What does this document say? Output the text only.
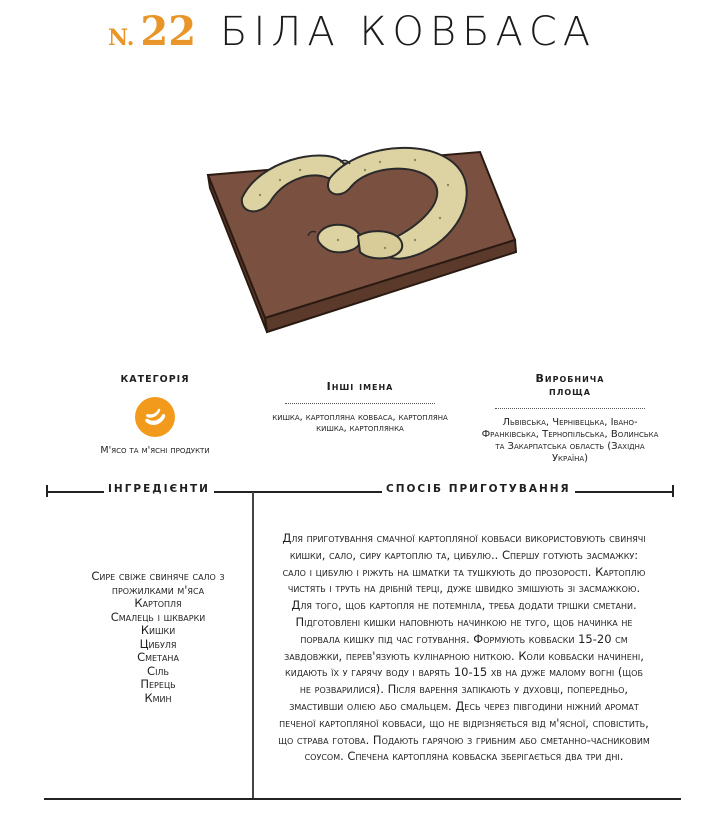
N. 22 БІЛА КОВБАСА
КАТЕГОРІЯ
М'ясо та м'ясні продукти
Інші імена
кишка, картопляна ковбаса, картопляна кишка, картоплянка
Виробнича площа
Львівська, Чернівецька, Івано-Франківська, Тернопільська, Волинська та Закарпатська область (Західна Україна)
ІНГРЕДІЄНТИ	СПОСІБ ПРИГОТУВАННЯ
Сире свіже свиняче сало з прожилками м'яса
Картопля
Смалець і шкварки
Кишки
Цибуля
Сметана
Сіль
Перець
Кмин
Для приготування смачної картопляної ковбаси використовують свинячі кишки, сало, сиру картоплю та, цибулю.. Спершу готують засмажку: сало і цибулю і ріжуть на шматки та тушкують до прозорості. Картоплю чистять і труть на дрібній терці, дуже швидко змішують зі засмажкою. Для того, щоб картопля не потемніла, треба додати трішки сметани. Підготовлені кишки наповнють начинкою не туго, щоб начинка не порвала кишку під час готування. Формують ковбаски 15-20 см завдовжки, перев'язують кулінарною ниткою. Коли ковбаски начинені, кидають їх у гарячу воду і варять 10-15 хв на дуже малому вогні (щоб не розварилися). Після варення запікають у духовці, попередньо, змастивши олією або смальцем. Десь через пiвгодини ніжний аромат печеної картопляної ковбаси, що не відрізняється від м'ясної, сповістить, що страва готова. Подають гарячою з грибним або сметанно-часниковим соусом. Спечена картопляна ковбаска зберігається два три дні.
